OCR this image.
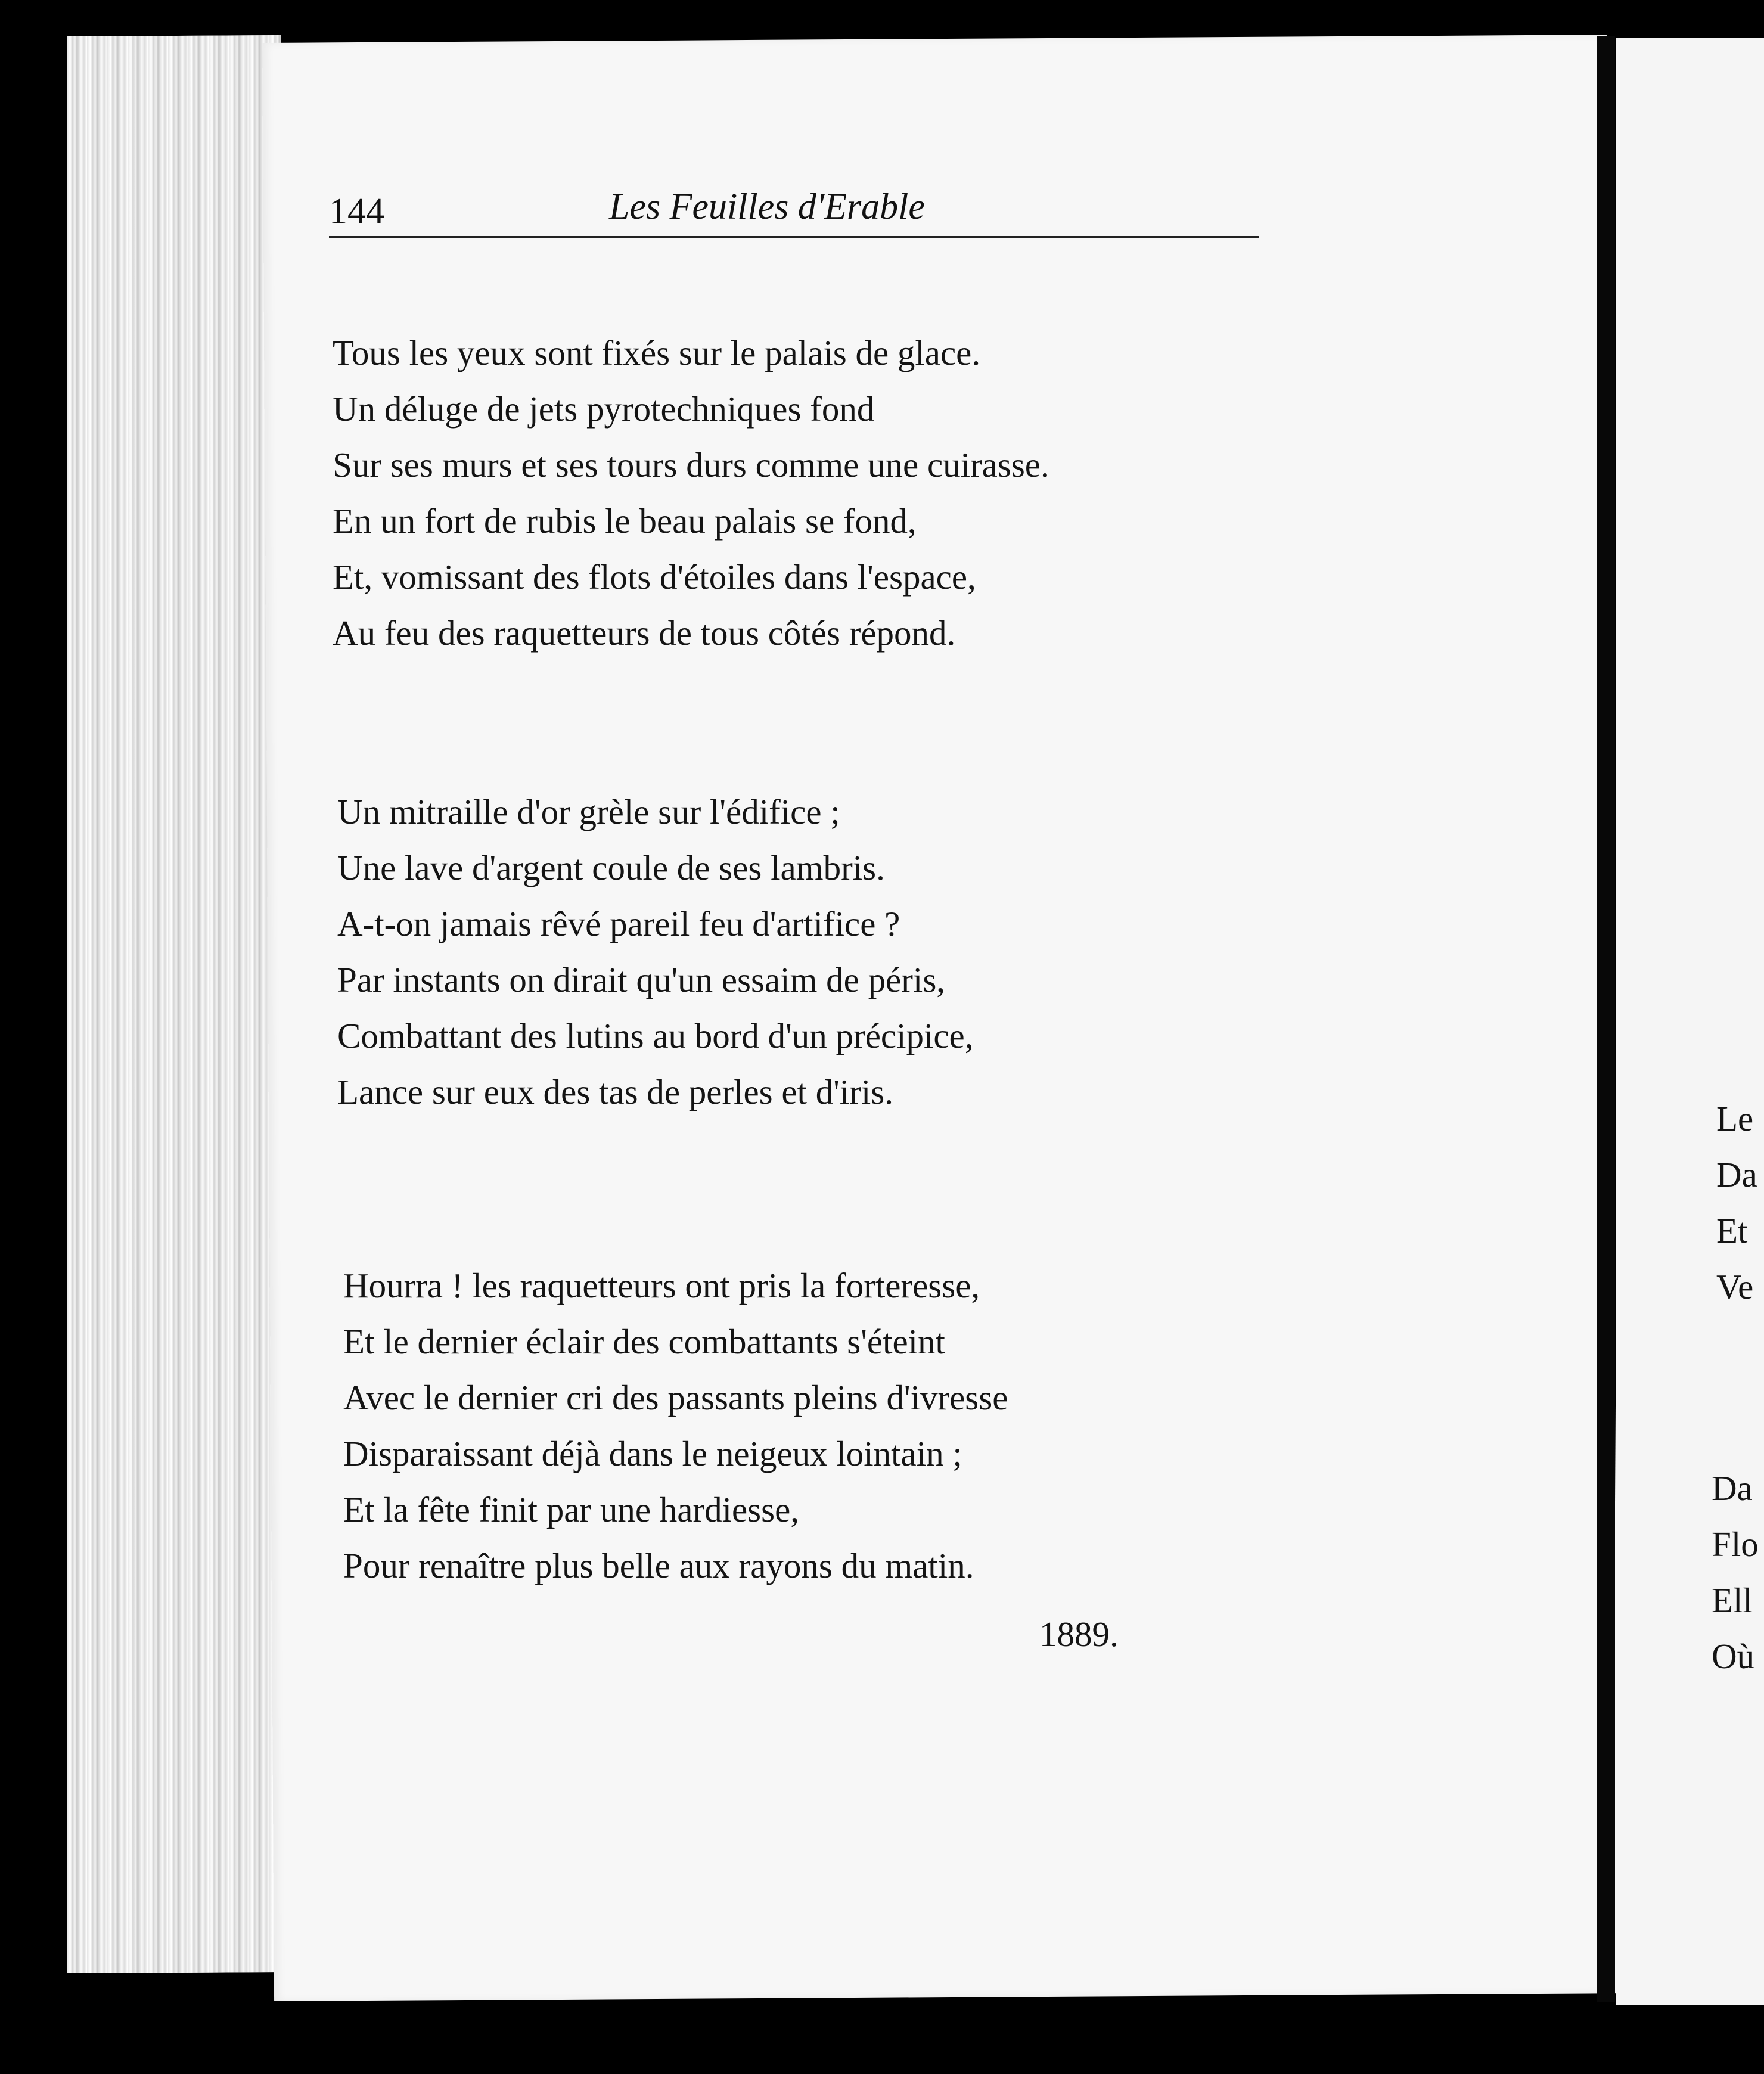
144	Les Feuilles d'Erable

Tous les yeux sont fixés sur le palais de glace.
Un déluge de jets pyrotechniques fond
Sur ses murs et ses tours durs comme une cuirasse.
En un fort de rubis le beau palais se fond,
Et, vomissant des flots d'étoiles dans l'espace,
Au feu des raquetteurs de tous côtés répond.

Un mitraille d'or grèle sur l'édifice ;
Une lave d'argent coule de ses lambris.
A-t-on jamais rêvé pareil feu d'artifice ?
Par instants on dirait qu'un essaim de péris,
Combattant des lutins au bord d'un précipice,
Lance sur eux des tas de perles et d'iris.

Hourra ! les raquetteurs ont pris la forteresse,
Et le dernier éclair des combattants s'éteint
Avec le dernier cri des passants pleins d'ivresse
Disparaissant déjà dans le neigeux lointain ;
Et la fête finit par une hardiesse,
Pour renaître plus belle aux rayons du matin.

1889.

Le
Da
Et
Ve

Da
Flo
Ell
Où
